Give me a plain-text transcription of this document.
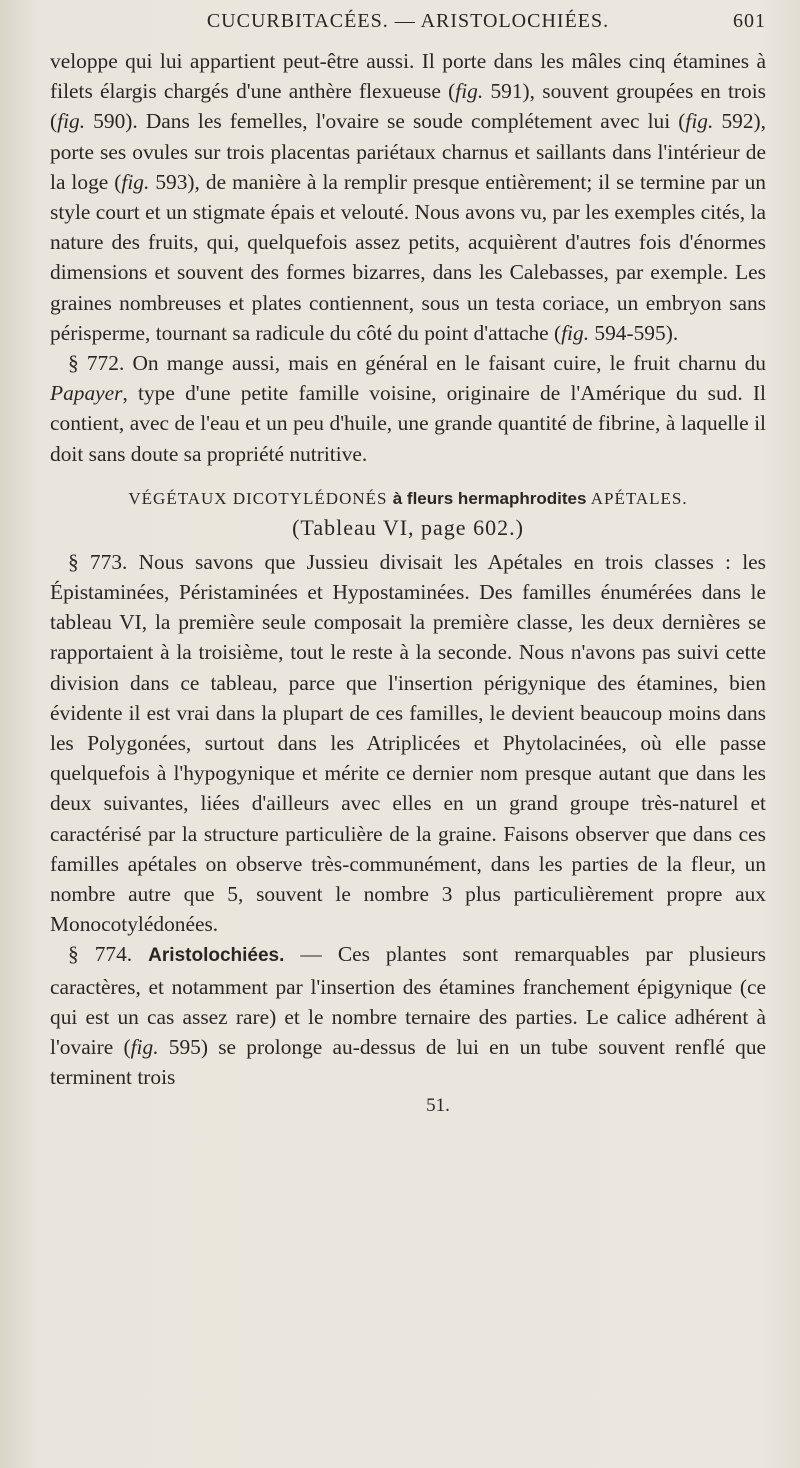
CUCURBITACÉES. — ARISTOLOCHIÉES.	601

veloppe qui lui appartient peut-être aussi. Il porte dans les mâles cinq étamines à filets élargis chargés d'une anthère flexueuse (fig. 591), souvent groupées en trois (fig. 590). Dans les femelles, l'ovaire se soude complétement avec lui (fig. 592), porte ses ovules sur trois placentas pariétaux charnus et saillants dans l'intérieur de la loge (fig. 593), de manière à la remplir presque entièrement; il se termine par un style court et un stigmate épais et velouté. Nous avons vu, par les exemples cités, la nature des fruits, qui, quelquefois assez petits, acquièrent d'autres fois d'énormes dimensions et souvent des formes bizarres, dans les Calebasses, par exemple. Les graines nombreuses et plates contiennent, sous un testa coriace, un embryon sans périsperme, tournant sa radicule du côté du point d'attache (fig. 594-595).

§ 772. On mange aussi, mais en général en le faisant cuire, le fruit charnu du Papayer, type d'une petite famille voisine, originaire de l'Amérique du sud. Il contient, avec de l'eau et un peu d'huile, une grande quantité de fibrine, à laquelle il doit sans doute sa propriété nutritive.

VÉGÉTAUX DICOTYLÉDONÉS à fleurs hermaphrodites APÉTALES.
(Tableau VI, page 602.)

§ 773. Nous savons que Jussieu divisait les Apétales en trois classes : les Épistaminées, Péristaminées et Hypostaminées. Des familles énumérées dans le tableau VI, la première seule composait la première classe, les deux dernières se rapportaient à la troisième, tout le reste à la seconde. Nous n'avons pas suivi cette division dans ce tableau, parce que l'insertion périgynique des étamines, bien évidente il est vrai dans la plupart de ces familles, le devient beaucoup moins dans les Polygonées, surtout dans les Atriplicées et Phytolacinées, où elle passe quelquefois à l'hypogynique et mérite ce dernier nom presque autant que dans les deux suivantes, liées d'ailleurs avec elles en un grand groupe très-naturel et caractérisé par la structure particulière de la graine. Faisons observer que dans ces familles apétales on observe très-communément, dans les parties de la fleur, un nombre autre que 5, souvent le nombre 3 plus particulièrement propre aux Monocotylédonées.

§ 774. Aristolochiées. — Ces plantes sont remarquables par plusieurs caractères, et notamment par l'insertion des étamines franchement épigynique (ce qui est un cas assez rare) et le nombre ternaire des parties. Le calice adhérent à l'ovaire (fig. 595) se prolonge au-dessus de lui en un tube souvent renflé que terminent trois

51.
